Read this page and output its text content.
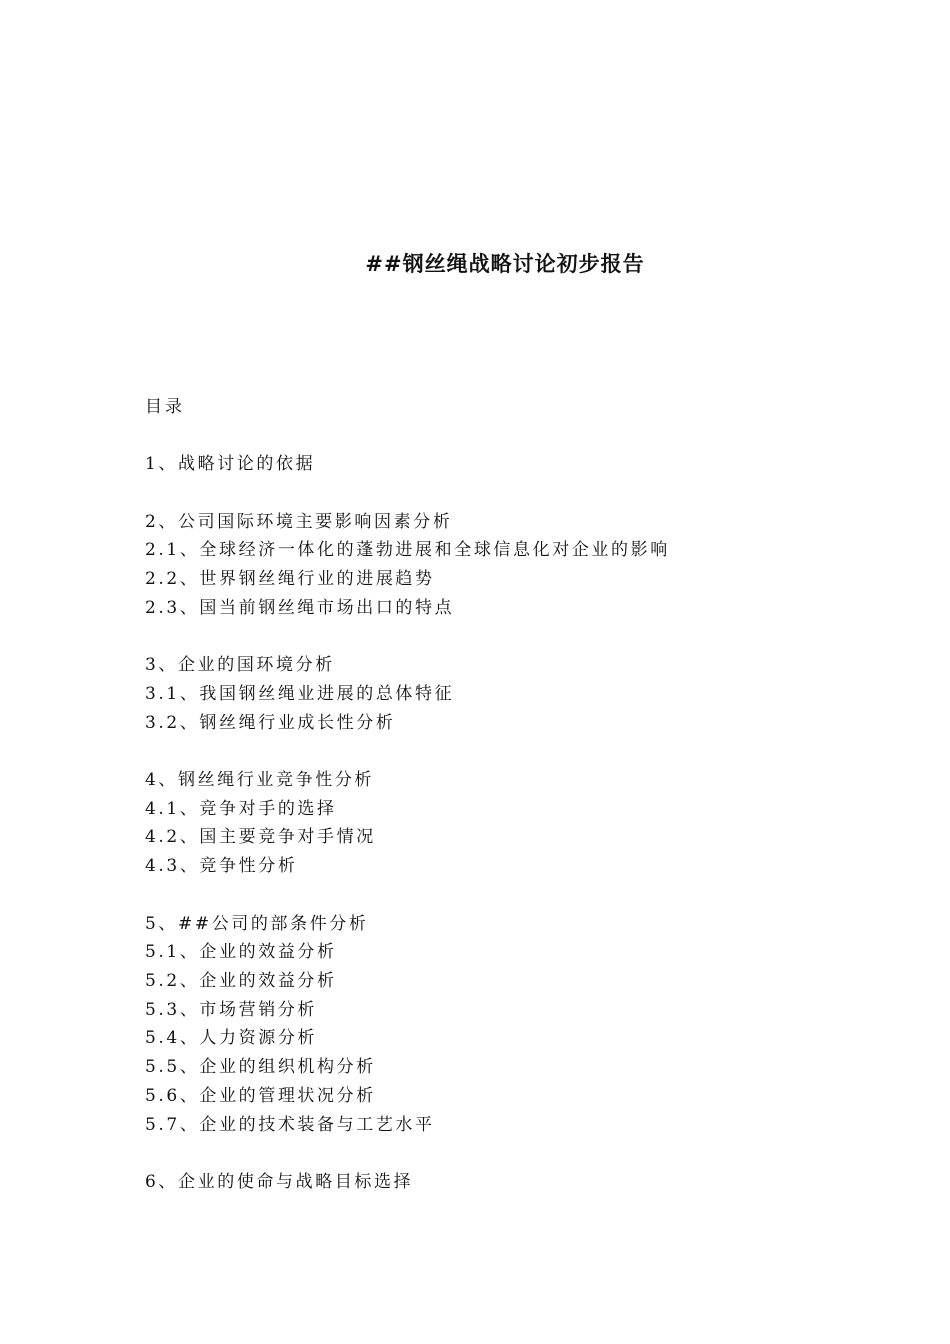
##钢丝绳战略讨论初步报告
目录
1、战略讨论的依据
2、公司国际环境主要影响因素分析
2.1、全球经济一体化的蓬勃进展和全球信息化对企业的影响
2.2、世界钢丝绳行业的进展趋势
2.3、国当前钢丝绳市场出口的特点
3、企业的国环境分析
3.1、我国钢丝绳业进展的总体特征
3.2、钢丝绳行业成长性分析
4、钢丝绳行业竞争性分析
4.1、竞争对手的选择
4.2、国主要竞争对手情况
4.3、竞争性分析
5、##公司的部条件分析
5.1、企业的效益分析
5.2、企业的效益分析
5.3、市场营销分析
5.4、人力资源分析
5.5、企业的组织机构分析
5.6、企业的管理状况分析
5.7、企业的技术装备与工艺水平
6、企业的使命与战略目标选择
